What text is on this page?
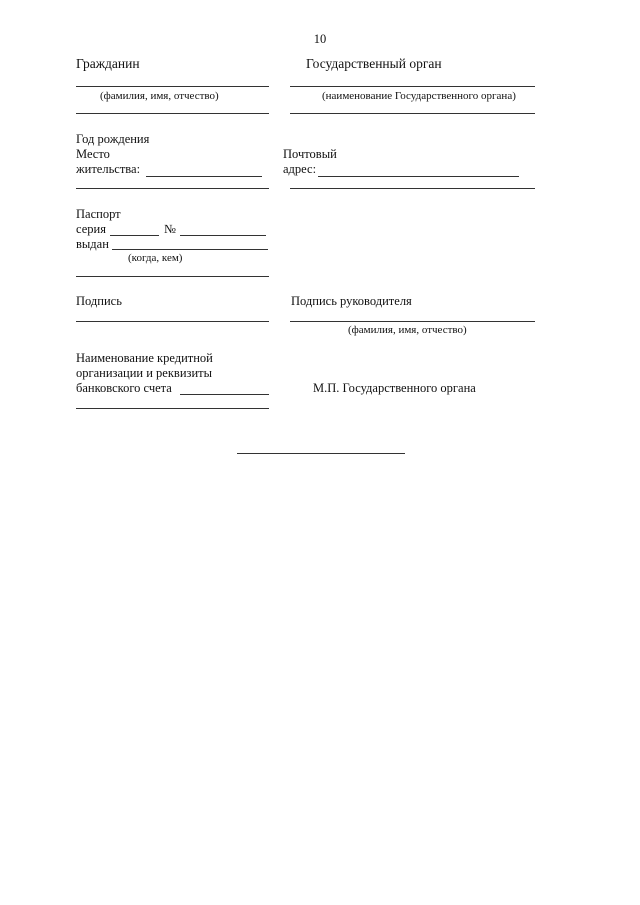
10
Гражданин
(фамилия, имя, отчество)
Год рождения
Место
жительства:
Паспорт
серия	№
выдан
(когда, кем)
Подпись
Наименование кредитной
организации и реквизиты
банковского счета
Государственный орган
(наименование Государственного органа)
Почтовый
адрес:
Подпись руководителя
(фамилия, имя, отчество)
М.П. Государственного органа
